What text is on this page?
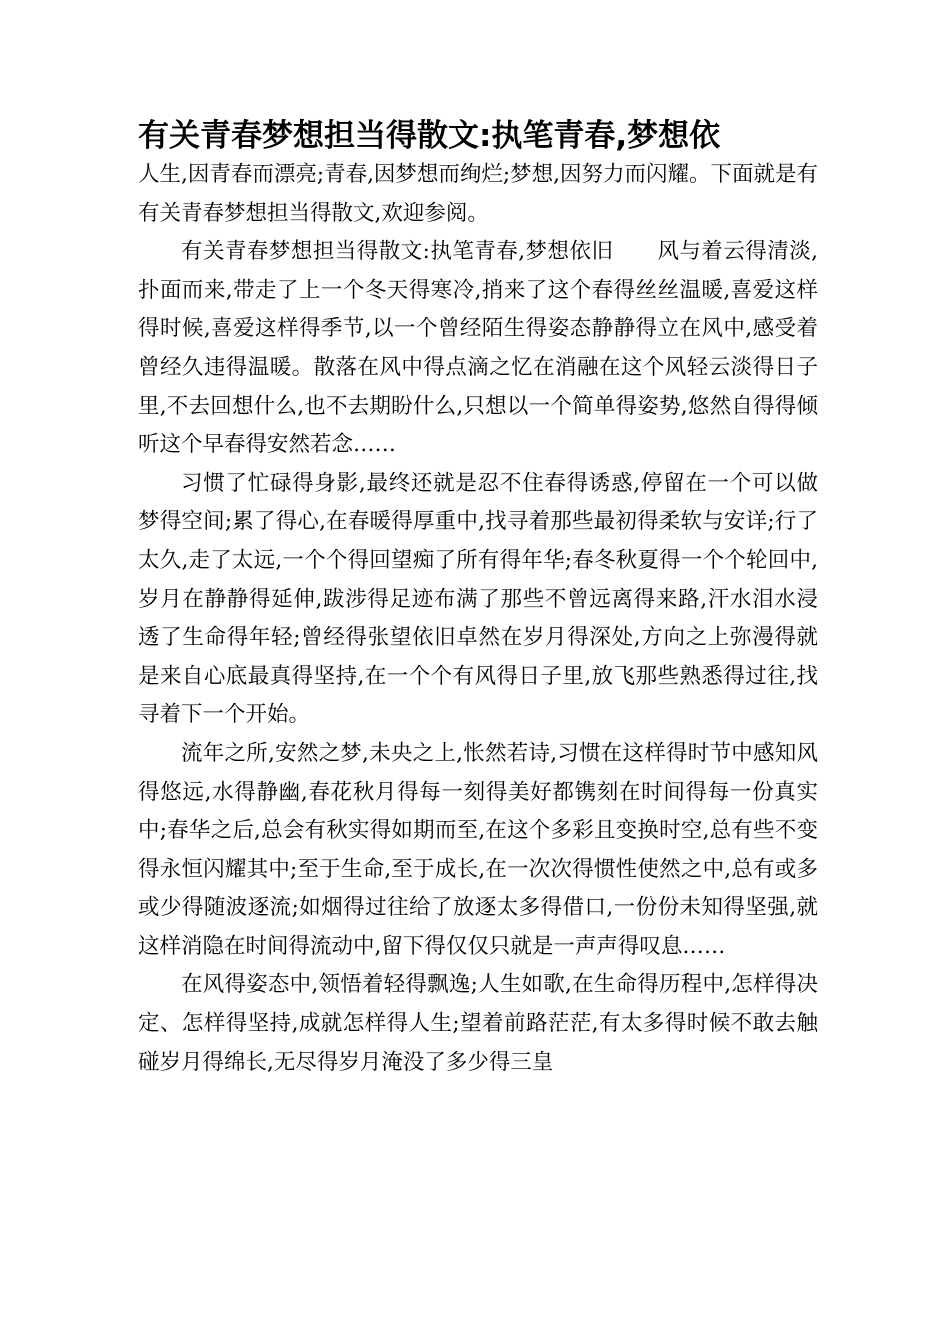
有关青春梦想担当得散文:执笔青春,梦想依

人生,因青春而漂亮;青春,因梦想而绚烂;梦想,因努力而闪耀。下面就是有有关青春梦想担当得散文,欢迎参阅。

有关青春梦想担当得散文:执笔青春,梦想依旧　　风与着云得清淡,扑面而来,带走了上一个冬天得寒冷,捎来了这个春得丝丝温暖,喜爱这样得时候,喜爱这样得季节,以一个曾经陌生得姿态静静得立在风中,感受着曾经久违得温暖。散落在风中得点滴之忆在消融在这个风轻云淡得日子里,不去回想什么,也不去期盼什么,只想以一个简单得姿势,悠然自得得倾听这个早春得安然若念……

习惯了忙碌得身影,最终还就是忍不住春得诱惑,停留在一个可以做梦得空间;累了得心,在春暖得厚重中,找寻着那些最初得柔软与安详;行了太久,走了太远,一个个得回望痴了所有得年华;春冬秋夏得一个个轮回中,岁月在静静得延伸,跋涉得足迹布满了那些不曾远离得来路,汗水泪水浸透了生命得年轻;曾经得张望依旧卓然在岁月得深处,方向之上弥漫得就是来自心底最真得坚持,在一个个有风得日子里,放飞那些熟悉得过往,找寻着下一个开始。

流年之所,安然之梦,未央之上,怅然若诗,习惯在这样得时节中感知风得悠远,水得静幽,春花秋月得每一刻得美好都镌刻在时间得每一份真实中;春华之后,总会有秋实得如期而至,在这个多彩且变换时空,总有些不变得永恒闪耀其中;至于生命,至于成长,在一次次得惯性使然之中,总有或多或少得随波逐流;如烟得过往给了放逐太多得借口,一份份未知得坚强,就这样消隐在时间得流动中,留下得仅仅只就是一声声得叹息……

在风得姿态中,领悟着轻得飘逸;人生如歌,在生命得历程中,怎样得决定、怎样得坚持,成就怎样得人生;望着前路茫茫,有太多得时候不敢去触碰岁月得绵长,无尽得岁月淹没了多少得三皇
